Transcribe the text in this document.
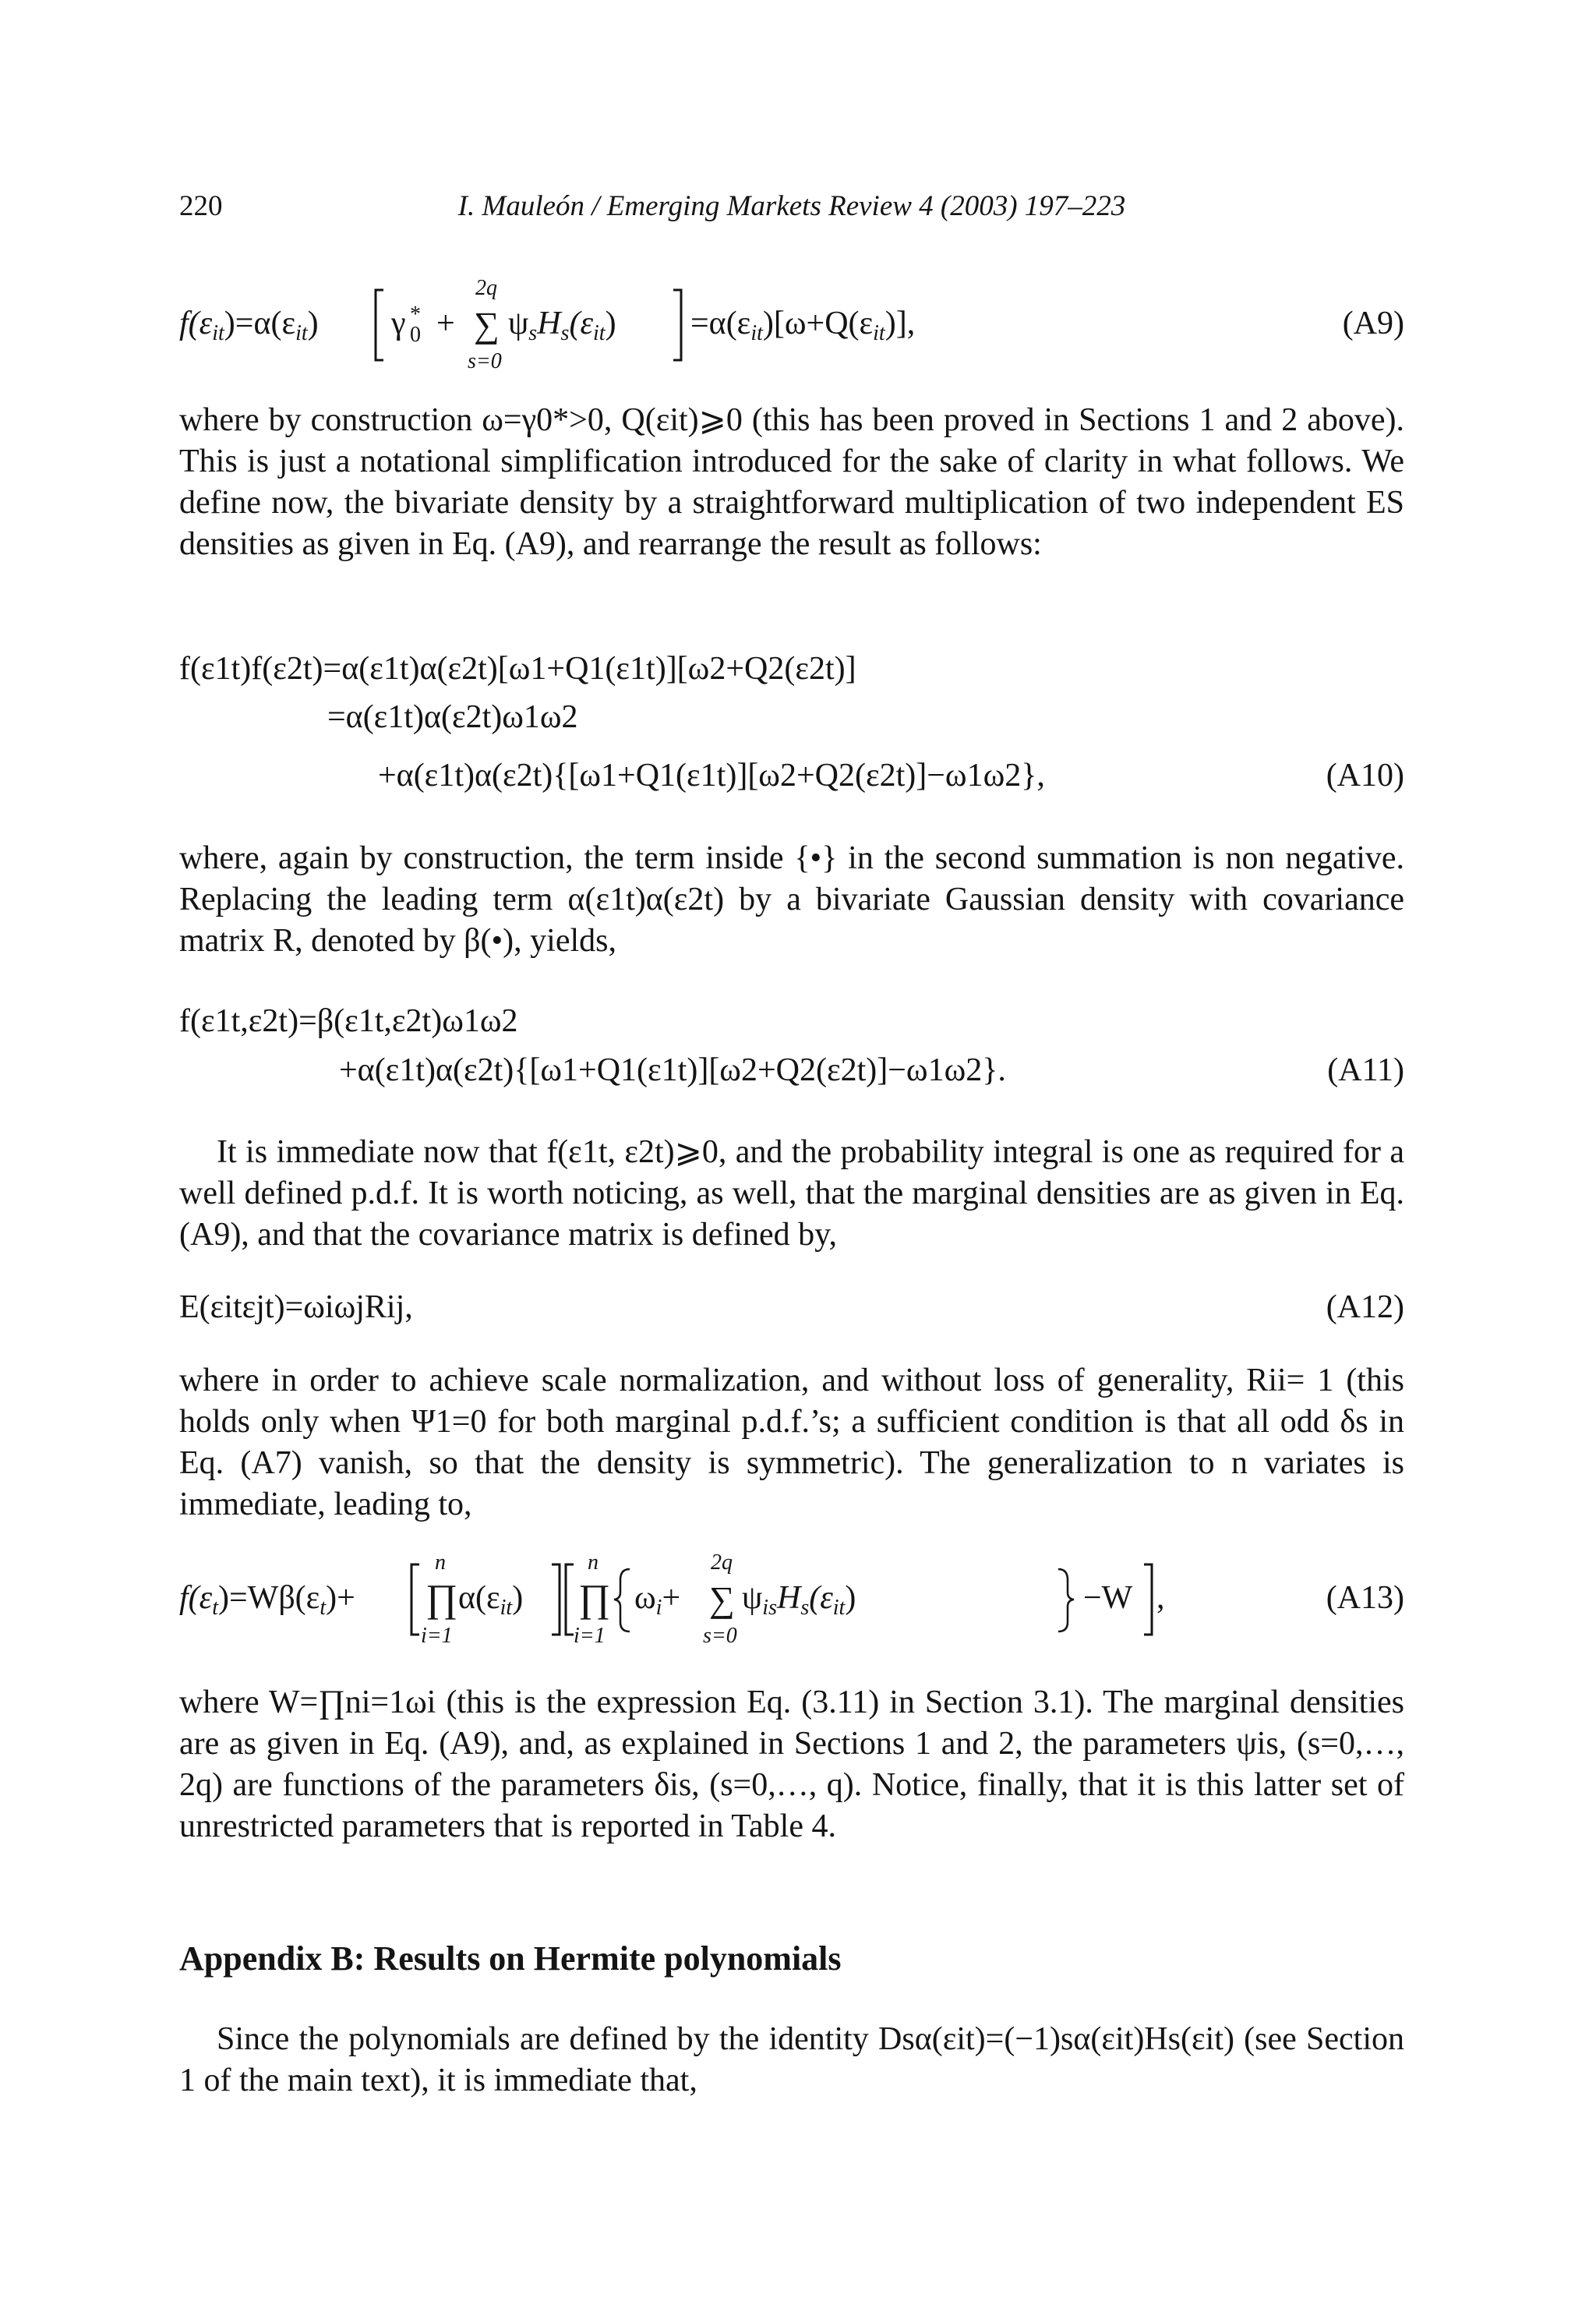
220	I. Mauleón / Emerging Markets Review 4 (2003) 197–223
f(εit)=α(εit) γ 0
* + ∑
2q
s=0
ψsHs(εit) =α(εit)[ω+Q(εit)],	(A9)
where by construction ω=γ0*>0, Q(εit)⩾0 (this has been proved in Sections 1 and 2 above). This is just a notational simplification introduced for the sake of clarity in what follows. We define now, the bivariate density by a straightforward multiplication of two independent ES densities as given in Eq. (A9), and rearrange the result as follows:
f(ε1t)f(ε2t)=α(ε1t)α(ε2t)[ω1+Q1(ε1t)][ω2+Q2(ε2t)]
=α(ε1t)α(ε2t)ω1ω2
+α(ε1t)α(ε2t){[ω1+Q1(ε1t)][ω2+Q2(ε2t)]−ω1ω2},	(A10)
where, again by construction, the term inside {•} in the second summation is non negative. Replacing the leading term α(ε1t)α(ε2t) by a bivariate Gaussian density with covariance matrix R, denoted by β(•), yields,
f(ε1t,ε2t)=β(ε1t,ε2t)ω1ω2
+α(ε1t)α(ε2t){[ω1+Q1(ε1t)][ω2+Q2(ε2t)]−ω1ω2}.	(A11)
It is immediate now that f(ε1t, ε2t)⩾0, and the probability integral is one as required for a well defined p.d.f. It is worth noticing, as well, that the marginal densities are as given in Eq. (A9), and that the covariance matrix is defined by,
E(εitεjt)=ωiωjRij,	(A12)
where in order to achieve scale normalization, and without loss of generality, Rii= 1 (this holds only when Ψ1=0 for both marginal p.d.f.’s; a sufficient condition is that all odd δs in Eq. (A7) vanish, so that the density is symmetric). The generalization to n variates is immediate, leading to,
f(εt)=Wβ(εt)+ ∏
n
i=1
α(εit) ∏
n
i=1
ωi+ ∑
2q
s=0
ψisHs(εit)	−W ,	(A13)
where W=∏ni=1ωi (this is the expression Eq. (3.11) in Section 3.1). The marginal densities are as given in Eq. (A9), and, as explained in Sections 1 and 2, the parameters ψis, (s=0,…, 2q) are functions of the parameters δis, (s=0,…, q). Notice, finally, that it is this latter set of unrestricted parameters that is reported in Table 4.
Appendix B: Results on Hermite polynomials
Since the polynomials are defined by the identity Dsα(εit)=(−1)sα(εit)Hs(εit) (see Section 1 of the main text), it is immediate that,
